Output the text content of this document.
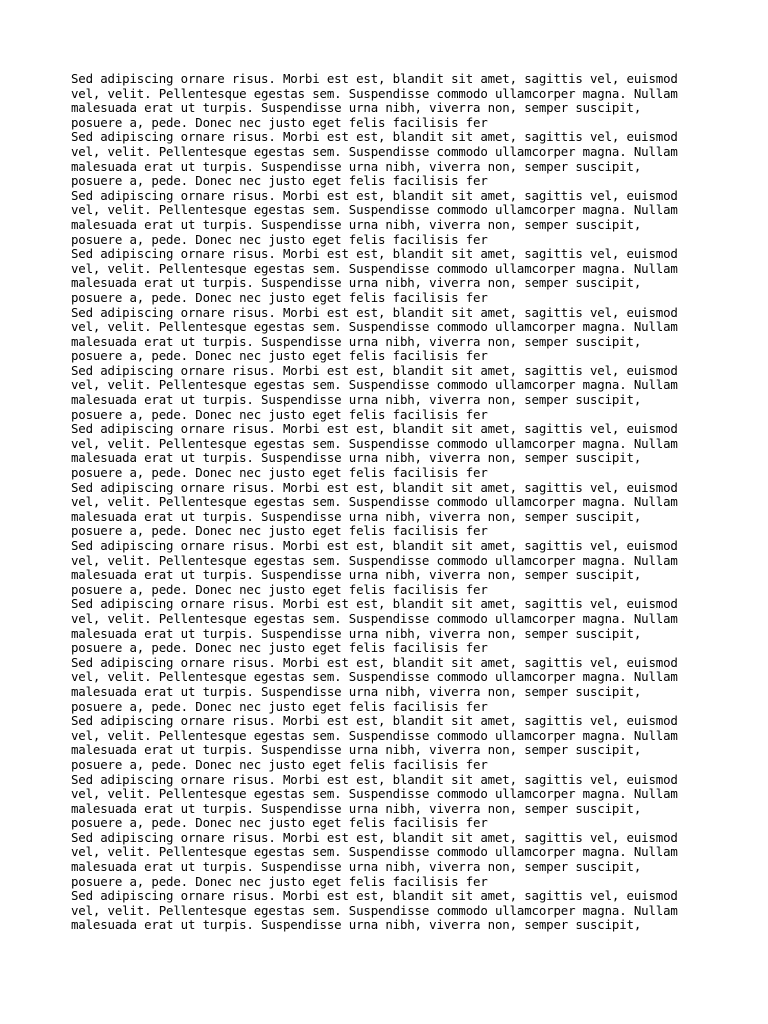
Sed adipiscing ornare risus. Morbi est est, blandit sit amet, sagittis vel, euismod
vel, velit. Pellentesque egestas sem. Suspendisse commodo ullamcorper magna. Nullam
malesuada erat ut turpis. Suspendisse urna nibh, viverra non, semper suscipit,
posuere a, pede. Donec nec justo eget felis facilisis fer
Sed adipiscing ornare risus. Morbi est est, blandit sit amet, sagittis vel, euismod
vel, velit. Pellentesque egestas sem. Suspendisse commodo ullamcorper magna. Nullam
malesuada erat ut turpis. Suspendisse urna nibh, viverra non, semper suscipit,
posuere a, pede. Donec nec justo eget felis facilisis fer
Sed adipiscing ornare risus. Morbi est est, blandit sit amet, sagittis vel, euismod
vel, velit. Pellentesque egestas sem. Suspendisse commodo ullamcorper magna. Nullam
malesuada erat ut turpis. Suspendisse urna nibh, viverra non, semper suscipit,
posuere a, pede. Donec nec justo eget felis facilisis fer
Sed adipiscing ornare risus. Morbi est est, blandit sit amet, sagittis vel, euismod
vel, velit. Pellentesque egestas sem. Suspendisse commodo ullamcorper magna. Nullam
malesuada erat ut turpis. Suspendisse urna nibh, viverra non, semper suscipit,
posuere a, pede. Donec nec justo eget felis facilisis fer
Sed adipiscing ornare risus. Morbi est est, blandit sit amet, sagittis vel, euismod
vel, velit. Pellentesque egestas sem. Suspendisse commodo ullamcorper magna. Nullam
malesuada erat ut turpis. Suspendisse urna nibh, viverra non, semper suscipit,
posuere a, pede. Donec nec justo eget felis facilisis fer
Sed adipiscing ornare risus. Morbi est est, blandit sit amet, sagittis vel, euismod
vel, velit. Pellentesque egestas sem. Suspendisse commodo ullamcorper magna. Nullam
malesuada erat ut turpis. Suspendisse urna nibh, viverra non, semper suscipit,
posuere a, pede. Donec nec justo eget felis facilisis fer
Sed adipiscing ornare risus. Morbi est est, blandit sit amet, sagittis vel, euismod
vel, velit. Pellentesque egestas sem. Suspendisse commodo ullamcorper magna. Nullam
malesuada erat ut turpis. Suspendisse urna nibh, viverra non, semper suscipit,
posuere a, pede. Donec nec justo eget felis facilisis fer
Sed adipiscing ornare risus. Morbi est est, blandit sit amet, sagittis vel, euismod
vel, velit. Pellentesque egestas sem. Suspendisse commodo ullamcorper magna. Nullam
malesuada erat ut turpis. Suspendisse urna nibh, viverra non, semper suscipit,
posuere a, pede. Donec nec justo eget felis facilisis fer
Sed adipiscing ornare risus. Morbi est est, blandit sit amet, sagittis vel, euismod
vel, velit. Pellentesque egestas sem. Suspendisse commodo ullamcorper magna. Nullam
malesuada erat ut turpis. Suspendisse urna nibh, viverra non, semper suscipit,
posuere a, pede. Donec nec justo eget felis facilisis fer
Sed adipiscing ornare risus. Morbi est est, blandit sit amet, sagittis vel, euismod
vel, velit. Pellentesque egestas sem. Suspendisse commodo ullamcorper magna. Nullam
malesuada erat ut turpis. Suspendisse urna nibh, viverra non, semper suscipit,
posuere a, pede. Donec nec justo eget felis facilisis fer
Sed adipiscing ornare risus. Morbi est est, blandit sit amet, sagittis vel, euismod
vel, velit. Pellentesque egestas sem. Suspendisse commodo ullamcorper magna. Nullam
malesuada erat ut turpis. Suspendisse urna nibh, viverra non, semper suscipit,
posuere a, pede. Donec nec justo eget felis facilisis fer
Sed adipiscing ornare risus. Morbi est est, blandit sit amet, sagittis vel, euismod
vel, velit. Pellentesque egestas sem. Suspendisse commodo ullamcorper magna. Nullam
malesuada erat ut turpis. Suspendisse urna nibh, viverra non, semper suscipit,
posuere a, pede. Donec nec justo eget felis facilisis fer
Sed adipiscing ornare risus. Morbi est est, blandit sit amet, sagittis vel, euismod
vel, velit. Pellentesque egestas sem. Suspendisse commodo ullamcorper magna. Nullam
malesuada erat ut turpis. Suspendisse urna nibh, viverra non, semper suscipit,
posuere a, pede. Donec nec justo eget felis facilisis fer
Sed adipiscing ornare risus. Morbi est est, blandit sit amet, sagittis vel, euismod
vel, velit. Pellentesque egestas sem. Suspendisse commodo ullamcorper magna. Nullam
malesuada erat ut turpis. Suspendisse urna nibh, viverra non, semper suscipit,
posuere a, pede. Donec nec justo eget felis facilisis fer
Sed adipiscing ornare risus. Morbi est est, blandit sit amet, sagittis vel, euismod
vel, velit. Pellentesque egestas sem. Suspendisse commodo ullamcorper magna. Nullam
malesuada erat ut turpis. Suspendisse urna nibh, viverra non, semper suscipit,
